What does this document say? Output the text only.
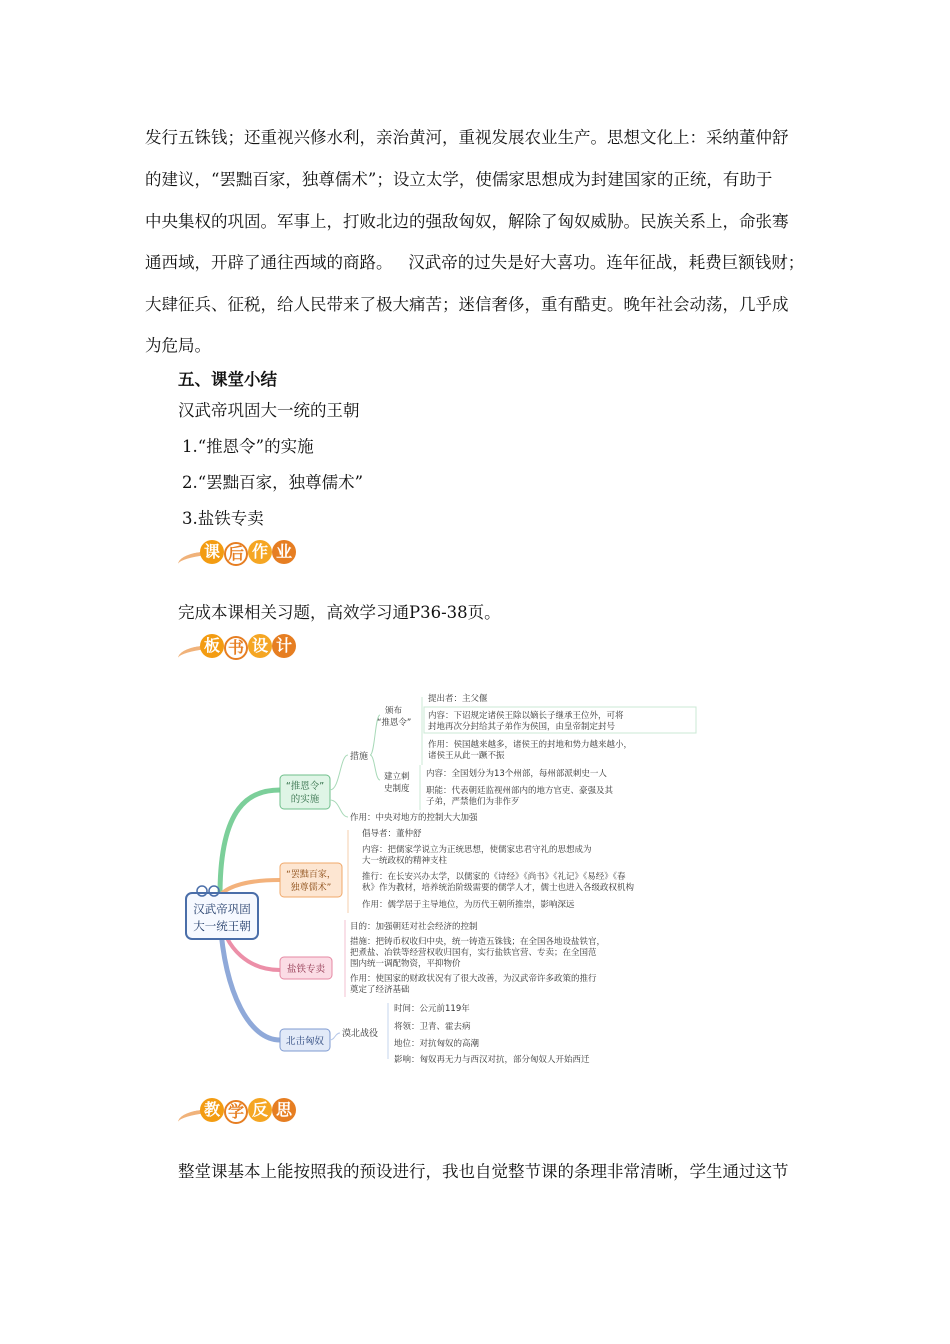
发行五铢钱；还重视兴修水利，亲治黄河，重视发展农业生产。思想文化上：采纳董仲舒
的建议，“罢黜百家，独尊儒术”；设立太学，使儒家思想成为封建国家的正统，有助于
中央集权的巩固。军事上，打败北边的强敌匈奴，解除了匈奴威胁。民族关系上，命张骞
通西域，开辟了通往西域的商路。   汉武帝的过失是好大喜功。连年征战，耗费巨额钱财；
大肆征兵、征税，给人民带来了极大痛苦；迷信奢侈，重有酷吏。晚年社会动荡，几乎成
为危局。
五、课堂小结
汉武帝巩固大一统的王朝
1.“推恩令”的实施
2.“罢黜百家，独尊儒术”
3.盐铁专卖
课 后 作 业
完成本课相关习题，高效学习通P36-38页。
板 书 设 计
汉武帝巩固
大一统王朝
“推恩令”
的实施
措施
颁布
“推恩令”
提出者：主父偃
内容：下诏规定诸侯王除以嫡长子继承王位外，可将
封地再次分封给其子弟作为侯国，由皇帝制定封号
作用：侯国越来越多，诸侯王的封地和势力越来越小，
诸侯王从此一蹶不振
建立刺
史制度
内容：全国划分为13个州部，每州部派刺史一人
职能：代表朝廷监视州部内的地方官吏、豪强及其
子弟，严禁他们为非作歹
作用：中央对地方的控制大大加强
“罢黜百家，
独尊儒术”
倡导者：董仲舒
内容：把儒家学说立为正统思想，使儒家忠君守礼的思想成为
大一统政权的精神支柱
推行：在长安兴办太学，以儒家的《诗经》《尚书》《礼记》《易经》《春
秋》作为教材，培养统治阶级需要的儒学人才，儒士也进入各级政权机构
作用：儒学居于主导地位，为历代王朝所推崇，影响深远
盐铁专卖
目的：加强朝廷对社会经济的控制
措施：把铸币权收归中央，统一铸造五铢钱；在全国各地设盐铁官，
把煮盐、冶铁等经营权收归国有，实行盐铁官营、专卖；在全国范
围内统一调配物资，平抑物价
作用：使国家的财政状况有了很大改善，为汉武帝许多政策的推行
奠定了经济基础
北击匈奴
漠北战役
时间：公元前119年
将领：卫青、霍去病
地位：对抗匈奴的高潮
影响：匈奴再无力与西汉对抗，部分匈奴人开始西迁
教 学 反 思
整堂课基本上能按照我的预设进行，我也自觉整节课的条理非常清晰，学生通过这节
